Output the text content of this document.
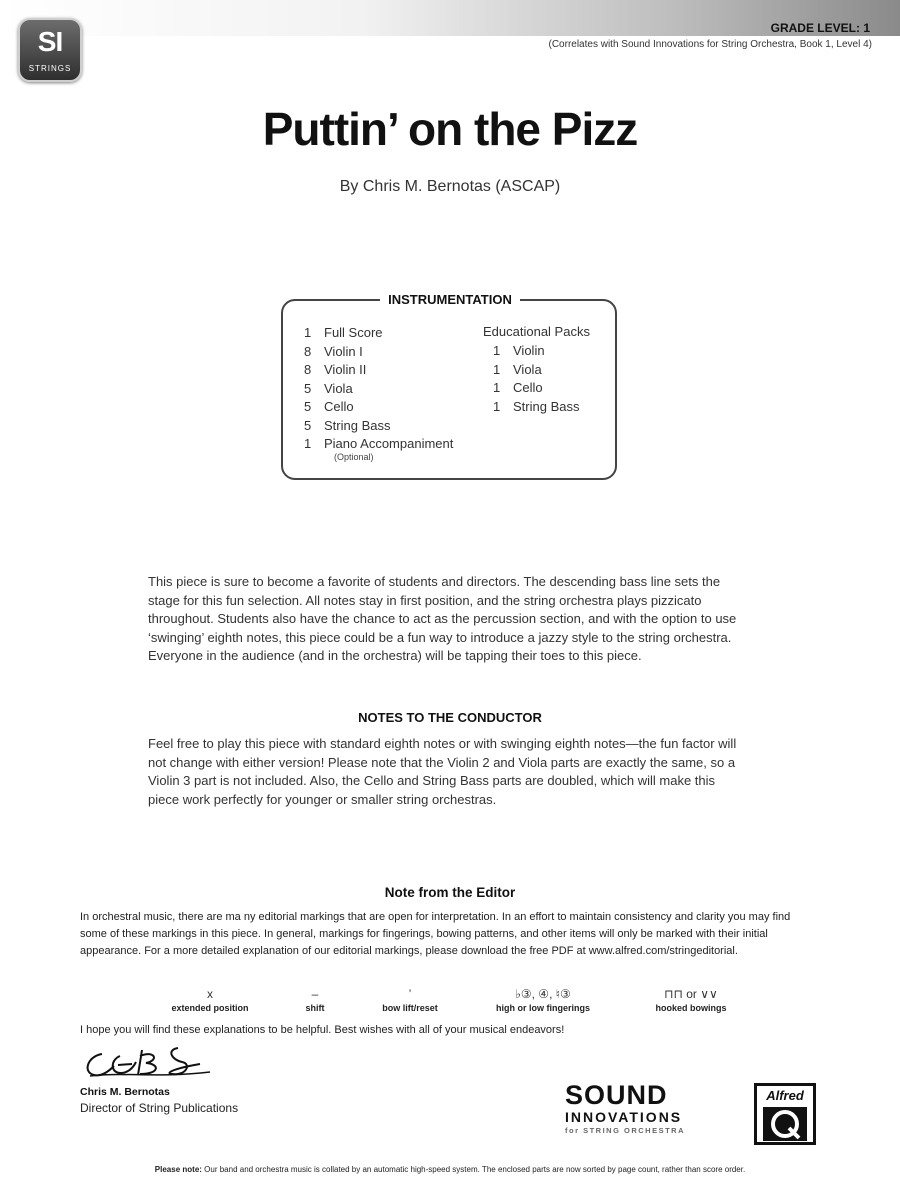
SI
STRINGS
GRADE LEVEL: 1
(Correlates with Sound Innovations for String Orchestra, Book 1, Level 4)
Puttin’ on the Pizz
By Chris M. Bernotas (ASCAP)
INSTRUMENTATION
1 Full Score
8 Violin I
8 Violin II
5 Viola
5 Cello
5 String Bass
1 Piano Accompaniment
(Optional)
Educational Packs
1 Violin
1 Viola
1 Cello
1 String Bass
This piece is sure to become a favorite of students and directors. The descending bass line sets the stage for this fun selection. All notes stay in first position, and the string orchestra plays pizzicato throughout. Students also have the chance to act as the percussion section, and with the option to use ‘swinging’ eighth notes, this piece could be a fun way to introduce a jazzy style to the string orchestra. Everyone in the audience (and in the orchestra) will be tapping their toes to this piece.
NOTES TO THE CONDUCTOR
Feel free to play this piece with standard eighth notes or with swinging eighth notes—the fun factor will not change with either version! Please note that the Violin 2 and Viola parts are exactly the same, so a Violin 3 part is not included. Also, the Cello and String Bass parts are doubled, which will make this piece work perfectly for younger or smaller string orchestras.
Note from the Editor
In orchestral music, there are ma ny editorial markings that are open for interpretation. In an effort to maintain consistency and clarity you may find some of these markings in this piece. In general, markings for fingerings, bowing patterns, and other items will only be marked with their initial appearance. For a more detailed explanation of our editorial markings, please download the free PDF at www.alfred.com/stringeditorial.
x
extended position
–
shift
’
bow lift/reset
♭③, ④, ♮③
high or low fingerings
⊓⊓ or ∨∨
hooked bowings
I hope you will find these explanations to be helpful. Best wishes with all of your musical endeavors!
Chris M. Bernotas
Director of String Publications	SOUND
INNOVATIONS
for STRING ORCHESTRA
Alfred
Please note: Our band and orchestra music is collated by an automatic high-speed system. The enclosed parts are now sorted by page count, rather than score order.
